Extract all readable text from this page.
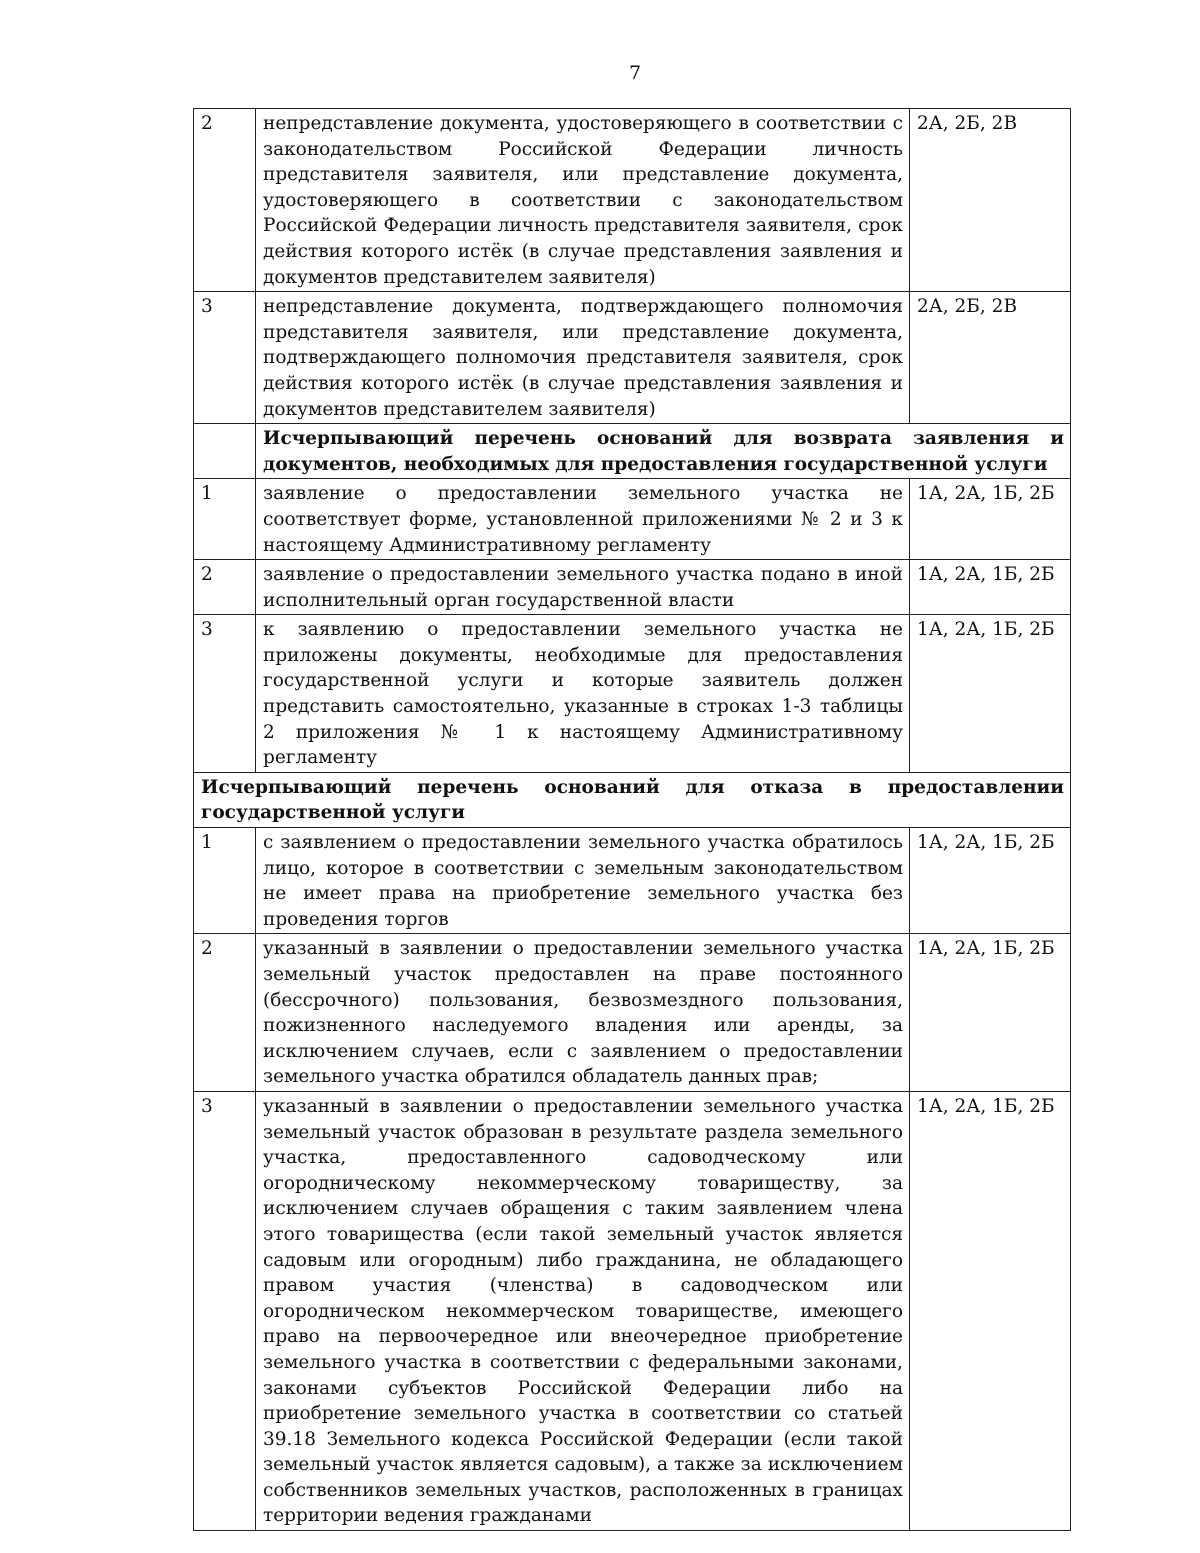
7
2	непредставление документа, удостоверяющего в соответствии с законодательством Российской Федерации личность представителя заявителя, или представление документа, удостоверяющего в соответствии с законодательством Российской Федерации личность представителя заявителя, срок действия которого истёк (в случае представления заявления и документов представителем заявителя)	2А, 2Б, 2В
3	непредставление документа, подтверждающего полномочия представителя заявителя, или представление документа, подтверждающего полномочия представителя заявителя, срок действия которого истёк (в случае представления заявления и документов представителем заявителя)	2А, 2Б, 2В
	Исчерпывающий перечень оснований для возврата заявления и документов, необходимых для предоставления государственной услуги	
1	заявление о предоставлении земельного участка не соответствует форме, установленной приложениями № 2 и 3 к настоящему Административному регламенту	1А, 2А, 1Б, 2Б
2	заявление о предоставлении земельного участка подано в иной исполнительный орган государственной власти	1А, 2А, 1Б, 2Б
3	к заявлению о предоставлении земельного участка не приложены документы, необходимые для предоставления государственной услуги и которые заявитель должен представить самостоятельно, указанные в строках 1-3 таблицы 2 приложения № 1 к настоящему Административному регламенту	1А, 2А, 1Б, 2Б
Исчерпывающий перечень оснований для отказа в предоставлении государственной услуги		
1	с заявлением о предоставлении земельного участка обратилось лицо, которое в соответствии с земельным законодательством не имеет права на приобретение земельного участка без проведения торгов	1А, 2А, 1Б, 2Б
2	указанный в заявлении о предоставлении земельного участка земельный участок предоставлен на праве постоянного (бессрочного) пользования, безвозмездного пользования, пожизненного наследуемого владения или аренды, за исключением случаев, если с заявлением о предоставлении земельного участка обратился обладатель данных прав;	1А, 2А, 1Б, 2Б
3	указанный в заявлении о предоставлении земельного участка земельный участок образован в результате раздела земельного участка, предоставленного садоводческому или огородническому некоммерческому товариществу, за исключением случаев обращения с таким заявлением члена этого товарищества (если такой земельный участок является садовым или огородным) либо гражданина, не обладающего правом участия (членства) в садоводческом или огородническом некоммерческом товариществе, имеющего право на первоочередное или внеочередное приобретение земельного участка в соответствии с федеральными законами, законами субъектов Российской Федерации либо на приобретение земельного участка в соответствии со статьей 39.18 Земельного кодекса Российской Федерации (если такой земельный участок является садовым), а также за исключением собственников земельных участков, расположенных в границах территории ведения гражданами	1А, 2А, 1Б, 2Б
